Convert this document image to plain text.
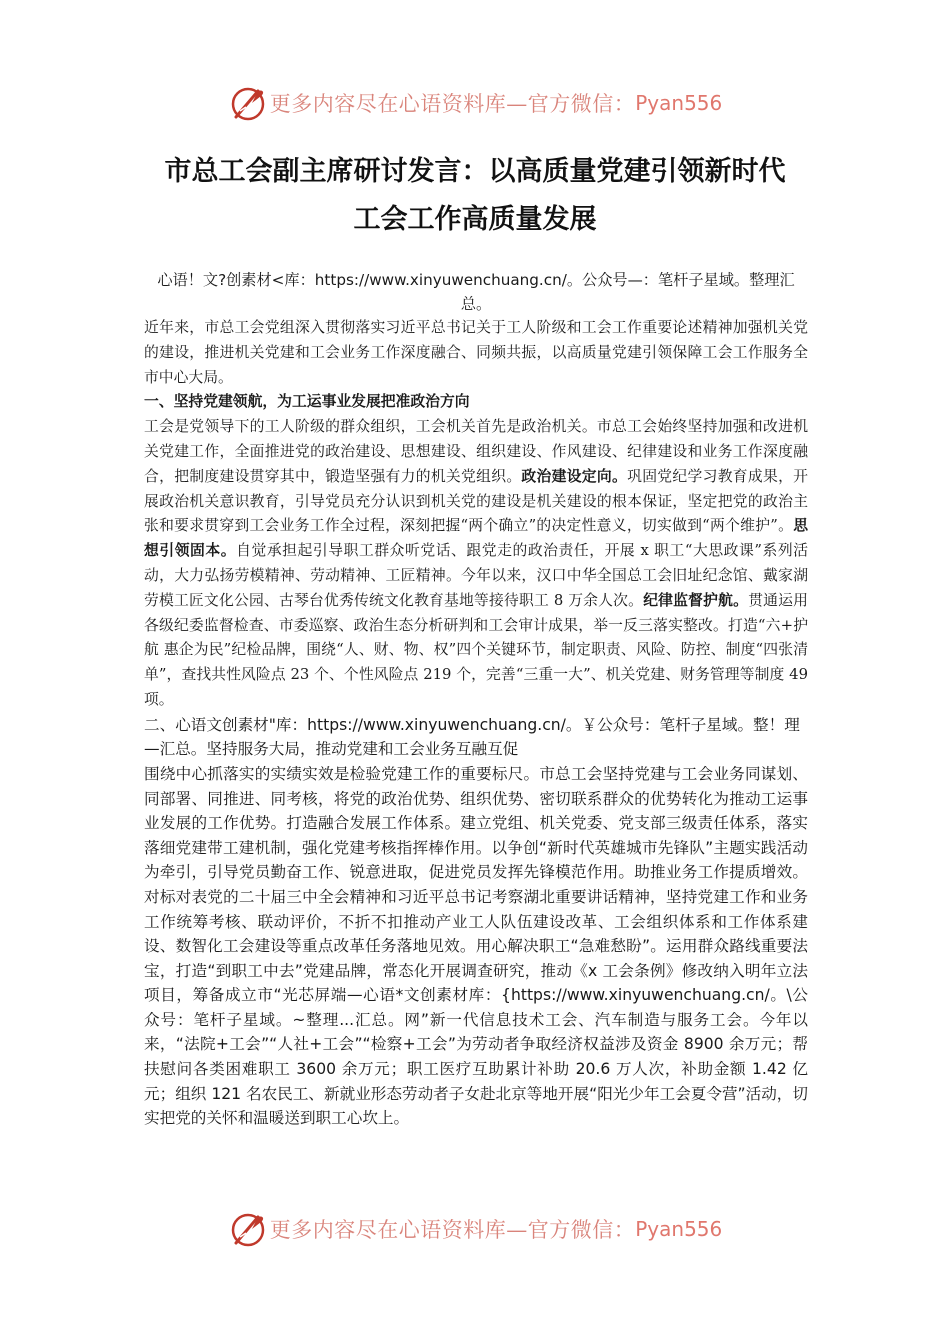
更多内容尽在心语资料库—官方微信： Pyan556
市总工会副主席研讨发言：以高质量党建引领新时代
工会工作高质量发展

心语！文?创素材<库：https://www.xinyuwenchuang.cn/。公众号—：笔杆子星域。整理汇总。

近年来，市总工会党组深入贯彻落实习近平总书记关于工人阶级和工会工作重要论述精神加强机关党的建设，推进机关党建和工会业务工作深度融合、同频共振，以高质量党建引领保障工会工作服务全市中心大局。

一、坚持党建领航，为工运事业发展把准政治方向

工会是党领导下的工人阶级的群众组织，工会机关首先是政治机关。市总工会始终坚持加强和改进机关党建工作，全面推进党的政治建设、思想建设、组织建设、作风建设、纪律建设和业务工作深度融合，把制度建设贯穿其中，锻造坚强有力的机关党组织。政治建设定向。巩固党纪学习教育成果，开展政治机关意识教育，引导党员充分认识到机关党的建设是机关建设的根本保证，坚定把党的政治主张和要求贯穿到工会业务工作全过程，深刻把握“两个确立”的决定性意义，切实做到“两个维护”。思想引领固本。自觉承担起引导职工群众听党话、跟党走的政治责任，开展 x 职工“大思政课”系列活动，大力弘扬劳模精神、劳动精神、工匠精神。今年以来，汉口中华全国总工会旧址纪念馆、戴家湖劳模工匠文化公园、古琴台优秀传统文化教育基地等接待职工 8 万余人次。纪律监督护航。贯通运用各级纪委监督检查、市委巡察、政治生态分析研判和工会审计成果，举一反三落实整改。打造“六+护航 惠企为民”纪检品牌，围绕“人、财、物、权”四个关键环节，制定职责、风险、防控、制度“四张清单”，查找共性风险点 23 个、个性风险点 219 个，完善“三重一大”、机关党建、财务管理等制度 49 项。

二、心语文创素材"库：https://www.xinyuwenchuang.cn/。￥公众号：笔杆子星域。整！理—汇总。坚持服务大局，推动党建和工会业务互融互促

围绕中心抓落实的实绩实效是检验党建工作的重要标尺。市总工会坚持党建与工会业务同谋划、同部署、同推进、同考核，将党的政治优势、组织优势、密切联系群众的优势转化为推动工运事业发展的工作优势。打造融合发展工作体系。建立党组、机关党委、党支部三级责任体系，落实落细党建带工建机制，强化党建考核指挥棒作用。以争创“新时代英雄城市先锋队”主题实践活动为牵引，引导党员勤奋工作、锐意进取，促进党员发挥先锋模范作用。助推业务工作提质增效。对标对表党的二十届三中全会精神和习近平总书记考察湖北重要讲话精神，坚持党建工作和业务工作统筹考核、联动评价，不折不扣推动产业工人队伍建设改革、工会组织体系和工作体系建设、数智化工会建设等重点改革任务落地见效。用心解决职工“急难愁盼”。运用群众路线重要法宝，打造“到职工中去”党建品牌，常态化开展调查研究，推动《x 工会条例》修改纳入明年立法项目，筹备成立市“光芯屏端—心语*文创素材库：{https://www.xinyuwenchuang.cn/。\公众号：笔杆子星域。~整理...汇总。网”新一代信息技术工会、汽车制造与服务工会。今年以来，“法院+工会”“人社+工会”“检察+工会”为劳动者争取经济权益涉及资金 8900 余万元；帮扶慰问各类困难职工 3600 余万元；职工医疗互助累计补助 20.6 万人次，补助金额 1.42 亿元；组织 121 名农民工、新就业形态劳动者子女赴北京等地开展“阳光少年工会夏令营”活动，切实把党的关怀和温暖送到职工心坎上。

更多内容尽在心语资料库—官方微信： Pyan556
